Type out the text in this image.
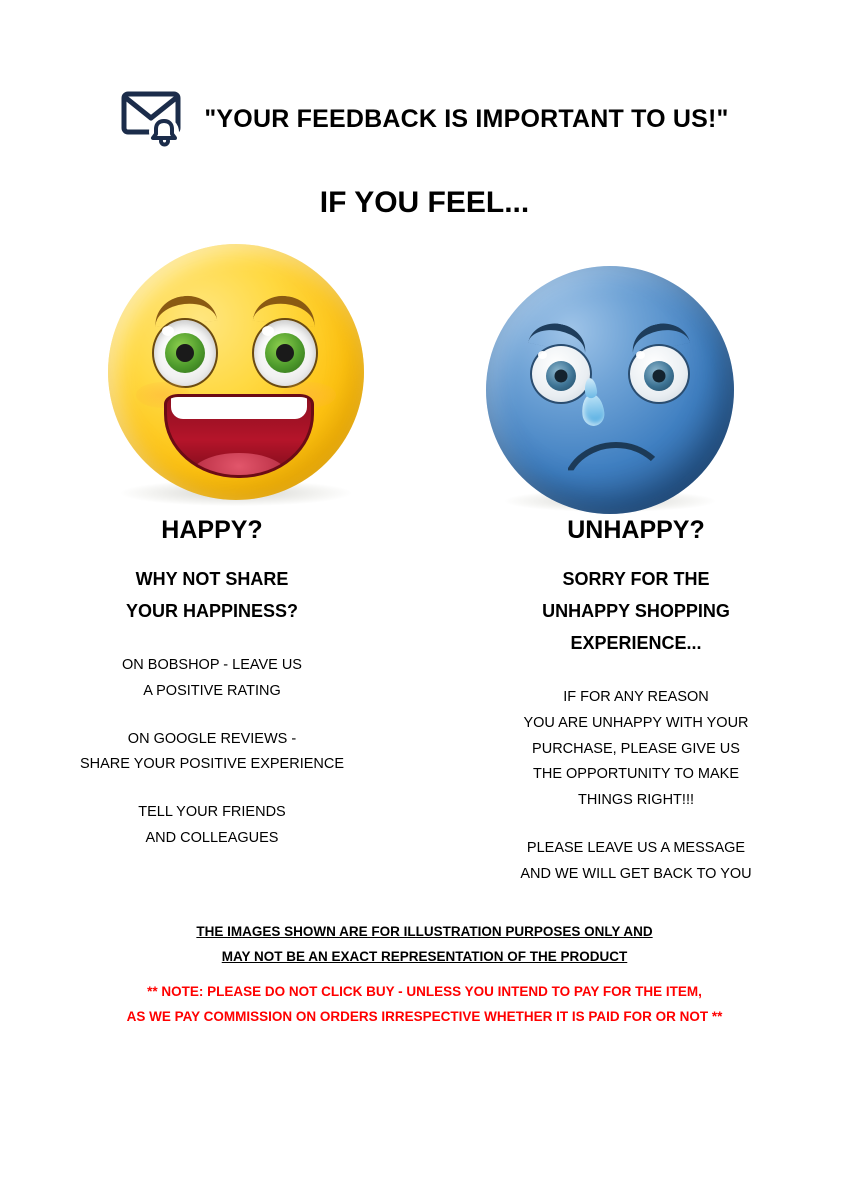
"YOUR FEEDBACK IS IMPORTANT TO US!"
IF YOU FEEL...
HAPPY?
WHY NOT SHARE
YOUR HAPPINESS?

ON BOBSHOP - LEAVE US
A POSITIVE RATING

ON GOOGLE REVIEWS -
SHARE YOUR POSITIVE EXPERIENCE

TELL YOUR FRIENDS
AND COLLEAGUES

UNHAPPY?
SORRY FOR THE
UNHAPPY SHOPPING
EXPERIENCE...

IF FOR ANY REASON
YOU ARE UNHAPPY WITH YOUR
PURCHASE, PLEASE GIVE US
THE OPPORTUNITY TO MAKE
THINGS RIGHT!!!

PLEASE LEAVE US A MESSAGE
AND WE WILL GET BACK TO YOU

THE IMAGES SHOWN ARE FOR ILLUSTRATION PURPOSES ONLY AND
MAY NOT BE AN EXACT REPRESENTATION OF THE PRODUCT
** NOTE: PLEASE DO NOT CLICK BUY - UNLESS YOU INTEND TO PAY FOR THE ITEM,
AS WE PAY COMMISSION ON ORDERS IRRESPECTIVE WHETHER IT IS PAID FOR OR NOT **
